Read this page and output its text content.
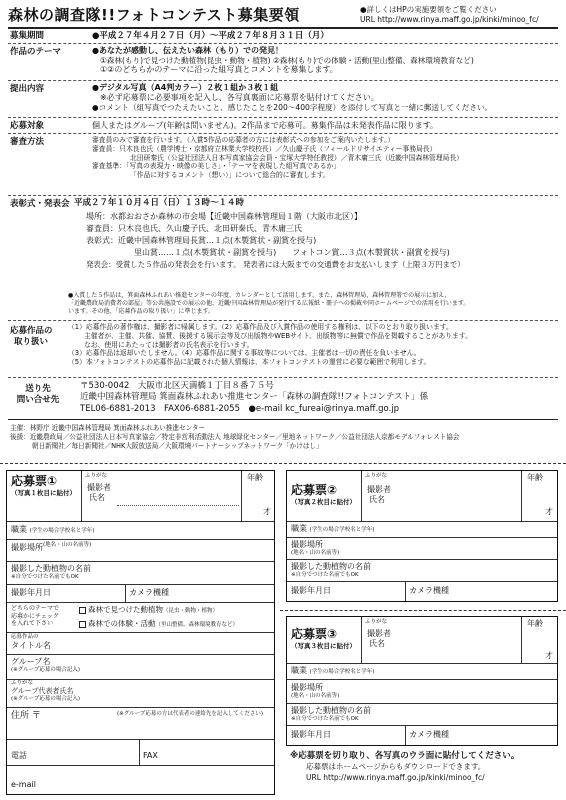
森林の調査隊!!フォトコンテスト募集要領	●詳しくはHPの実施要領をご覧ください
URL http://www.rinya.maff.go.jp/kinki/minoo_fc/
募集期間	●平成２７年４月２７日（月）～平成２７年８月３１日（月）
作品のテーマ	●あなたが感動し、伝えたい森林（もり）での発見！
①森林(もり)で見つけた動植物(昆虫・動物・植物) ②森林(もり)での体験・活動(里山整備、森林環境教育など)
①②のどちらかのテーマに沿った組写真とコメントを募集します。
提出内容	●デジタル写真（A4判カラー）２枚１組か３枚１組
※必ず応募票に必要事項を記入し、各写真裏面に応募票を貼付けてください。
●コメント（組写真でつたえたいこと、感じたことを200～400字程度）を添付して写真と一緒に郵送してください。
応募対象	個人またはグループ(年齢は問いません)。2作品まで応募可。募集作品は未発表作品に限ります。
審査方法	審査員のみで審査を行います。（入賞5作品の応募者の方には表彰式への参加をご案内いたします。）
審査員：只木良也氏（農学博士・京都府立林業大学校校長）／久山慶子氏（フィールドリサイエティー事務局長）
北田研秦氏（公益社団法人日本写真家協会会員・宝塚大学特任教授）／青木庸三氏（近畿中国森林管理局長）
審査基準：「写真の表現力・映像の美しさ」・「テーマを表現した組写真であるか」
「作品に対するコメント（想い）」について総合的に審査します。
表彰式・発表会 平成２７年１０月４日（日）１３時～１４時
場所：水都おおさか森林の市会場【近畿中国森林管理局１階（大阪市北区）】
審査員：只木良也氏、久山慶子氏、北田研秦氏、青木庸三氏
表彰式：近畿中国森林管理局長賞…１点(木製賞状・副賞を授与)
里山賞……１点(木製賞状・副賞を授与)　　フォトコン賞…３点(木製賞状・副賞を授与)
発表会：受賞した５作品の発表会を行います。 発表者には大阪までの交通費をお支払いします（上限３万円まで）
●入賞した５作品は、箕面森林ふれあい推進センターの年度、カレンダーとして活用します。また、森林管理局、森林管理署での展示に加え、
「近畿農政局消費者の部屋」等公共施設での展示の他、近畿中国森林管理局が発行する広報紙・冊子への掲載や同ホームページでの活用を行います。
います。その他、「応募作品の取り扱い」に準じます。
応募作品の
取り扱い
（1）応募作品の著作権は、撮影者に帰属します。（2）応募作品及び入賞作品の使用する権利は、以下のとおり取り扱います。
主催者が、主催、共催、協賛、後援する展示会等及び出版物やWEBサイト、出版物等に無償で作品を掲載することがあります。
なお、使用にあたっては撮影者の氏名表示を行います。
（3）応募作品は返却いたしません。（4）応募作品に関する事故等については、主催者は一切の責任を負いません。
（5）本フォトコンテストの応募作品に記載された個人情報は、本フォトコンテストの運営に必要な範囲で利用します。
送り先
問い合せ先
〒530-0042　大阪市北区天満橋１丁目８番７５号
近畿中国森林管理局 箕面森林ふれあい推進センター「森林の調査隊!!フォトコンテスト」係
TEL06-6881-2013　FAX06-6881-2055　●e-mail kc_fureai@rinya.maff.go.jp
主催：林野庁 近畿中国森林管理局 箕面森林ふれあい推進センター
後援：近畿農政局／公益社団法人日本写真家協会／特定非営利活動法人 地球緑化センター／里地ネットワーク／公益社団法人京都モデルフォレスト協会
朝日新聞社／毎日新聞社／NHK大阪放送局／大阪環境パートナーシップネットワーク「かけはし」
応募票①
（写真１枚目に貼付）
ふりがな
撮影者
氏名
年齢
才
職業 (学生の場合学校名と学年)
撮影場所$^{(地名・山の名前等)}$
撮影した動植物の名前
※自分でつけた名前でもOK
撮影年月日	カメラ機種
どちらのテーマで
応募かにチェック
を入れて下さい
森林で見つけた動植物（昆虫・動物・植物）
森林での体験・活動（里山整備、森林環境教育など）
応募作品の
タイトル名
グループ名
(※グループ応募の場合記入)
ふりがな
グループ代表者氏名
(※グループ応募の場合記入)
住所 〒	(※グループ応募の方は代表者の連絡先を記入してください)
電話	FAX
e-mail
応募票②
（写真２枚目に貼付）
ふりがな
撮影者
氏名
年齢
才
職業 (学生の場合学校名と学年)
撮影場所
(地名・山の名前等)
撮影した動植物の名前
※自分でつけた名前でもOK
撮影年月日	カメラ機種
応募票③
（写真３枚目に貼付）
ふりがな
撮影者
氏名
年齢
才
職業 (学生の場合学校名と学年)
撮影場所
(地名・山の名前等)
撮影した動植物の名前
※自分でつけた名前でもOK
撮影年月日	カメラ機種
※応募票を切り取り、各写真のウラ面に貼付してください。
応募票はホームページからもダウンロードできます。
URL http://www.rinya.maff.go.jp/kinki/minoo_fc/
